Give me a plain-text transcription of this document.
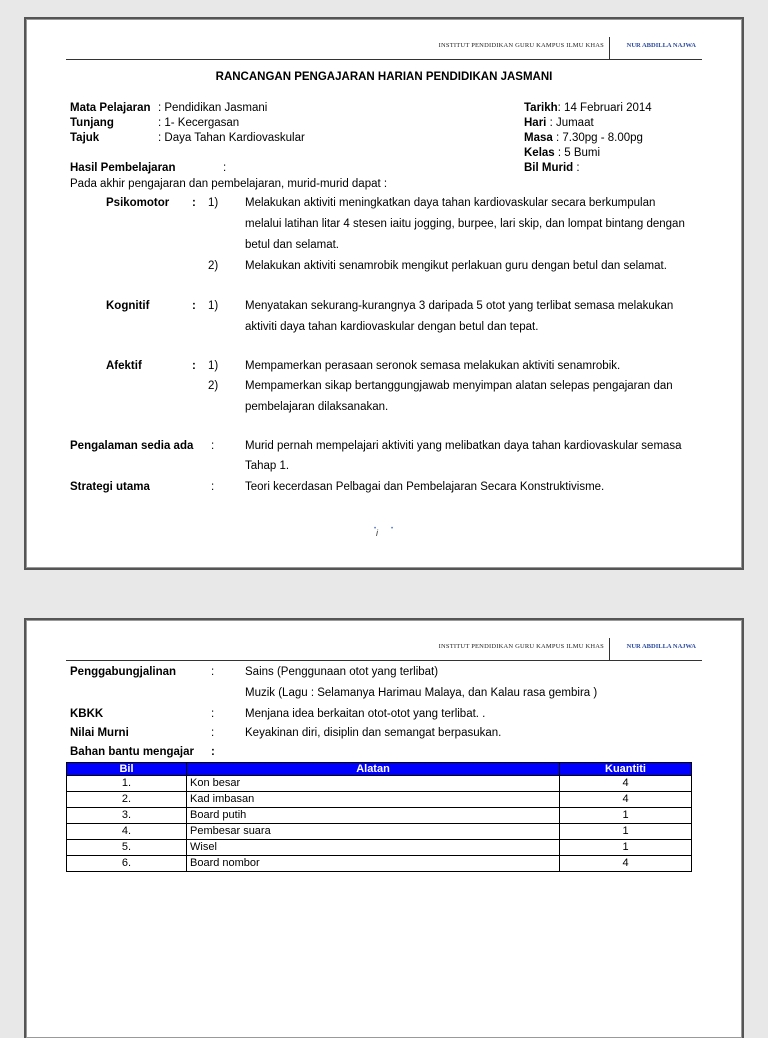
INSTITUT PENDIDIKAN GURU KAMPUS ILMU KHAS	NUR ABDILLA NAJWA
RANCANGAN PENGAJARAN HARIAN PENDIDIKAN JASMANI
Mata Pelajaran : Pendidikan Jasmani
Tunjang	: 1- Kecergasan
Tajuk	: Daya Tahan Kardiovaskular
Tarikh: 14 Februari 2014
Hari : Jumaat
Masa : 7.30pg - 8.00pg
Kelas : 5 Bumi
Bil Murid :
Hasil Pembelajaran	:
Pada akhir pengajaran dan pembelajaran, murid-murid dapat :
Psikomotor : 1) Melakukan aktiviti meningkatkan daya tahan kardiovaskular secara berkumpulan
melalui latihan litar 4 stesen iaitu jogging, burpee, lari skip, dan lompat bintang dengan
betul dan selamat.
2) Melakukan aktiviti senamrobik mengikut perlakuan guru dengan betul dan selamat.
Kognitif	: 1) Menyatakan sekurang-kurangnya 3 daripada 5 otot yang terlibat semasa melakukan
aktiviti daya tahan kardiovaskular dengan betul dan tepat.
Afektif	: 1) Mempamerkan perasaan seronok semasa melakukan aktiviti senamrobik.
2) Mempamerkan sikap bertanggungjawab menyimpan alatan selepas pengajaran dan
pembelajaran dilaksanakan.
Pengalaman sedia ada :	Murid pernah mempelajari aktiviti yang melibatkan daya tahan kardiovaskular semasa
Tahap 1.
Strategi utama	:	Teori kecerdasan Pelbagai dan Pembelajaran Secara Konstruktivisme.
• •
i
INSTITUT PENDIDIKAN GURU KAMPUS ILMU KHAS	NUR ABDILLA NAJWA
Penggabungjalinan	:	Sains (Penggunaan otot yang terlibat)
Muzik (Lagu : Selamanya Harimau Malaya, dan Kalau rasa gembira )
KBKK	:	Menjana idea berkaitan otot-otot yang terlibat. .
Nilai Murni	:	Keyakinan diri, disiplin dan semangat berpasukan.
Bahan bantu mengajar :
Bil	Alatan	Kuantiti
1.	Kon besar	4
2.	Kad imbasan	4
3.	Board putih	1
4.	Pembesar suara	1
5.	Wisel	1
6.	Board nombor	4
